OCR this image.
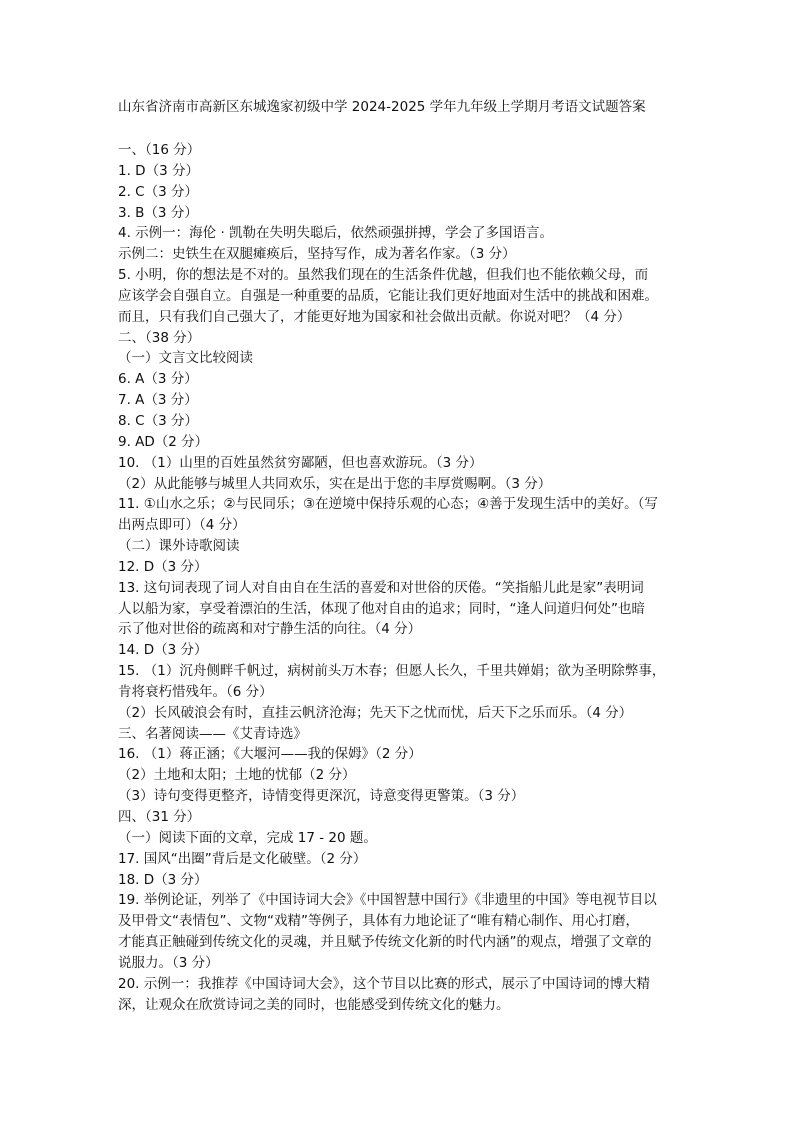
山东省济南市高新区东城逸家初级中学 2024-2025 学年九年级上学期月考语文试题答案

一、（16 分）

1. D（3 分）

2. C（3 分）

3. B（3 分）

4. 示例一：海伦 · 凯勒在失明失聪后，依然顽强拼搏，学会了多国语言。

示例二：史铁生在双腿瘫痪后，坚持写作，成为著名作家。（3 分）

5. 小明，你的想法是不对的。虽然我们现在的生活条件优越，但我们也不能依赖父母，而

应该学会自强自立。自强是一种重要的品质，它能让我们更好地面对生活中的挑战和困难。

而且，只有我们自己强大了，才能更好地为国家和社会做出贡献。你说对吧？（4 分）

二、（38 分）

（一）文言文比较阅读

6. A（3 分）

7. A（3 分）

8. C（3 分）

9. AD（2 分）

10. （1）山里的百姓虽然贫穷鄙陋，但也喜欢游玩。（3 分）

（2）从此能够与城里人共同欢乐，实在是出于您的丰厚赏赐啊。（3 分）

11. ①山水之乐；②与民同乐；③在逆境中保持乐观的心态；④善于发现生活中的美好。（写

出两点即可）（4 分）

（二）课外诗歌阅读

12. D（3 分）

13. 这句词表现了词人对自由自在生活的喜爱和对世俗的厌倦。“笑指船儿此是家”表明词

人以船为家，享受着漂泊的生活，体现了他对自由的追求；同时，“逢人问道归何处”也暗

示了他对世俗的疏离和对宁静生活的向往。（4 分）

14. D（3 分）

15. （1）沉舟侧畔千帆过，病树前头万木春；但愿人长久，千里共婵娟；欲为圣明除弊事，

肯将衰朽惜残年。（6 分）

（2）长风破浪会有时，直挂云帆济沧海；先天下之忧而忧，后天下之乐而乐。（4 分）

三、名著阅读——《艾青诗选》

16. （1）蒋正涵；《大堰河——我的保姆》（2 分）

（2）土地和太阳；土地的忧郁（2 分）

（3）诗句变得更整齐，诗情变得更深沉，诗意变得更警策。（3 分）

四、（31 分）

（一）阅读下面的文章，完成 17 - 20 题。

17. 国风“出圈”背后是文化破壁。（2 分）

18. D（3 分）

19. 举例论证，列举了《中国诗词大会》《中国智慧中国行》《非遗里的中国》等电视节目以

及甲骨文“表情包”、文物“戏精”等例子，具体有力地论证了“唯有精心制作、用心打磨，

才能真正触碰到传统文化的灵魂，并且赋予传统文化新的时代内涵”的观点，增强了文章的

说服力。（3 分）

20. 示例一：我推荐《中国诗词大会》，这个节目以比赛的形式，展示了中国诗词的博大精

深，让观众在欣赏诗词之美的同时，也能感受到传统文化的魅力。
